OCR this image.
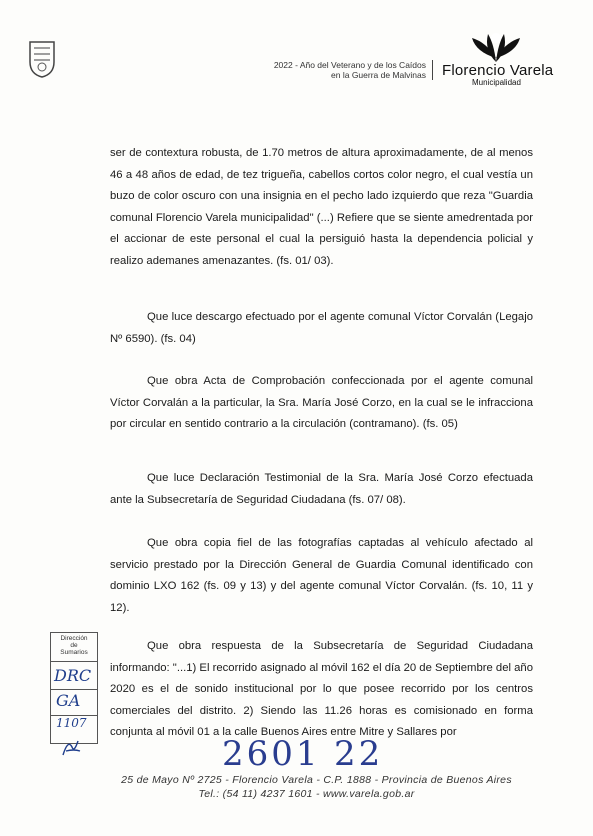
2022 - Año del Veterano y de los Caídos
en la Guerra de Malvinas Florencio Varela
Municipalidad
ser de contextura robusta, de 1.70 metros de altura aproximadamente, de al menos 46 a 48 años de edad, de tez trigueña, cabellos cortos color negro, el cual vestía un buzo de color oscuro con una insignia en el pecho lado izquierdo que reza "Guardia comunal Florencio Varela municipalidad" (...) Refiere que se siente amedrentada por el accionar de este personal el cual la persiguió hasta la dependencia policial y realizo ademanes amenazantes. (fs. 01/ 03).
Que luce descargo efectuado por el agente comunal Víctor Corvalán (Legajo Nº 6590). (fs. 04)
Que obra Acta de Comprobación confeccionada por el agente comunal Víctor Corvalán a la particular, la Sra. María José Corzo, en la cual se le infracciona por circular en sentido contrario a la circulación (contramano). (fs. 05)
Que luce Declaración Testimonial de la Sra. María José Corzo efectuada ante la Subsecretaría de Seguridad Ciudadana (fs. 07/ 08).
Que obra copia fiel de las fotografías captadas al vehículo afectado al servicio prestado por la Dirección General de Guardia Comunal identificado con dominio LXO 162 (fs. 09 y 13) y del agente comunal Víctor Corvalán. (fs. 10, 11 y 12).
Que obra respuesta de la Subsecretaría de Seguridad Ciudadana informando: "...1) El recorrido asignado al móvil 162 el día 20 de Septiembre del año 2020 es el de sonido institucional por lo que posee recorrido por los centros comerciales del distrito. 2) Siendo las 11.26 horas es comisionado en forma conjunta al móvil 01 a la calle Buenos Aires entre Mitre y Sallares por
Dirección
de
Sumarios
DRC
GA
1107
2601 22
25 de Mayo Nº 2725 - Florencio Varela - C.P. 1888 - Provincia de Buenos Aires
Tel.: (54 11) 4237 1601 - www.varela.gob.ar
